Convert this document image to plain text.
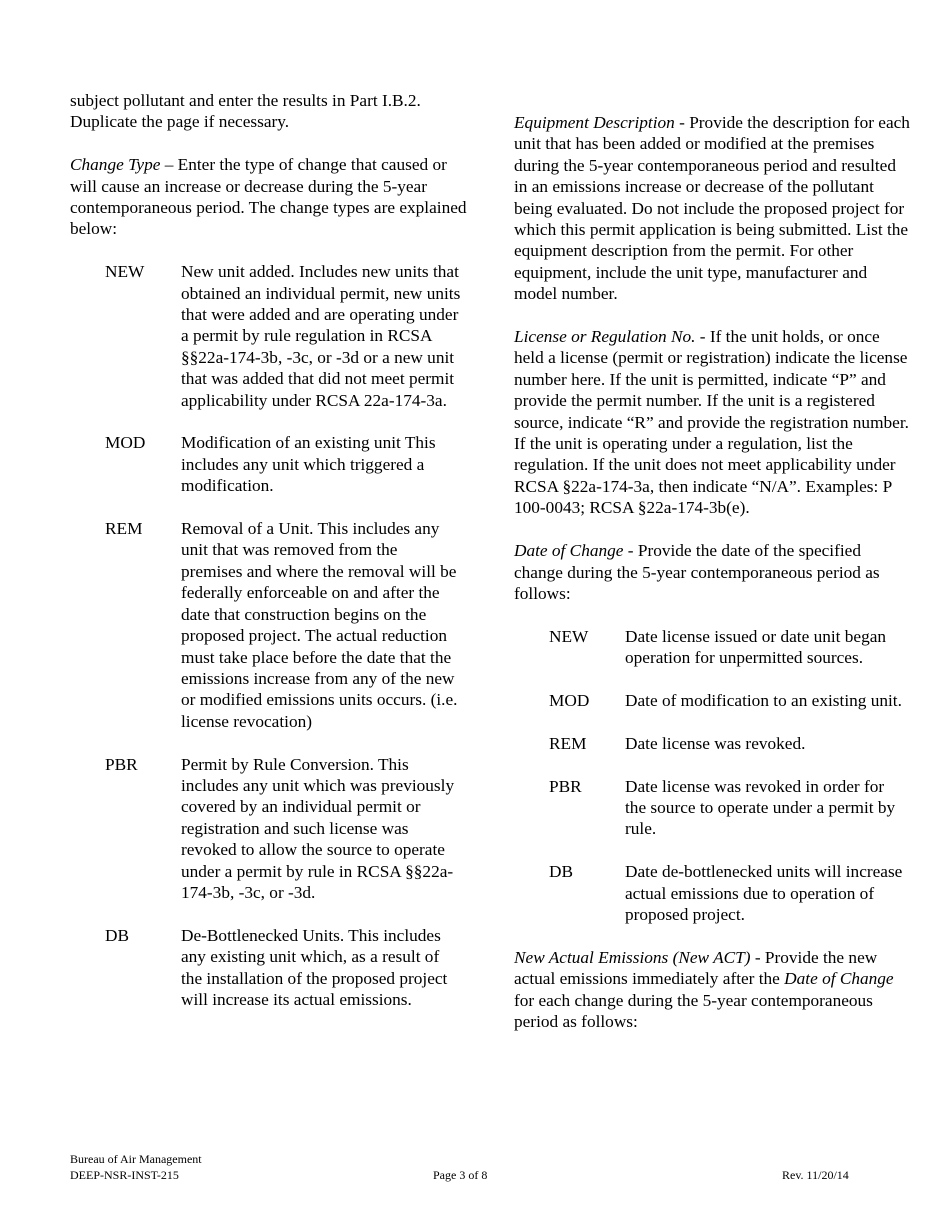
subject pollutant and enter the results in Part I.B.2.
Duplicate the page if necessary.

Change Type – Enter the type of change that caused or will cause an increase or decrease during the 5-year contemporaneous period. The change types are explained below:

NEW	New unit added. Includes new units that obtained an individual permit, new units that were added and are operating under a permit by rule regulation in RCSA §§22a-174-3b, -3c, or -3d or a new unit that was added that did not meet permit applicability under RCSA 22a-174-3a.
MOD	Modification of an existing unit This includes any unit which triggered a modification.
REM	Removal of a Unit. This includes any unit that was removed from the premises and where the removal will be federally enforceable on and after the date that construction begins on the proposed project. The actual reduction must take place before the date that the emissions increase from any of the new or modified emissions units occurs. (i.e. license revocation)
PBR	Permit by Rule Conversion. This includes any unit which was previously covered by an individual permit or registration and such license was revoked to allow the source to operate under a permit by rule in RCSA §§22a-174-3b, -3c, or -3d.
DB	De-Bottlenecked Units. This includes any existing unit which, as a result of the installation of the proposed project will increase its actual emissions.

Equipment Description - Provide the description for each unit that has been added or modified at the premises during the 5-year contemporaneous period and resulted in an emissions increase or decrease of the pollutant being evaluated. Do not include the proposed project for which this permit application is being submitted. List the equipment description from the permit. For other equipment, include the unit type, manufacturer and model number.

License or Regulation No. - If the unit holds, or once held a license (permit or registration) indicate the license number here. If the unit is permitted, indicate “P” and provide the permit number. If the unit is a registered source, indicate “R” and provide the registration number. If the unit is operating under a regulation, list the regulation. If the unit does not meet applicability under RCSA §22a-174-3a, then indicate “N/A”. Examples: P 100-0043; RCSA §22a-174-3b(e).

Date of Change - Provide the date of the specified change during the 5-year contemporaneous period as follows:

NEW	Date license issued or date unit began operation for unpermitted sources.
MOD	Date of modification to an existing unit.
REM	Date license was revoked.
PBR	Date license was revoked in order for the source to operate under a permit by rule.
DB	Date de-bottlenecked units will increase actual emissions due to operation of proposed project.

New Actual Emissions (New ACT) - Provide the new actual emissions immediately after the Date of Change for each change during the 5-year contemporaneous period as follows:

Bureau of Air Management
DEEP-NSR-INST-215	Page 3 of 8	Rev. 11/20/14
